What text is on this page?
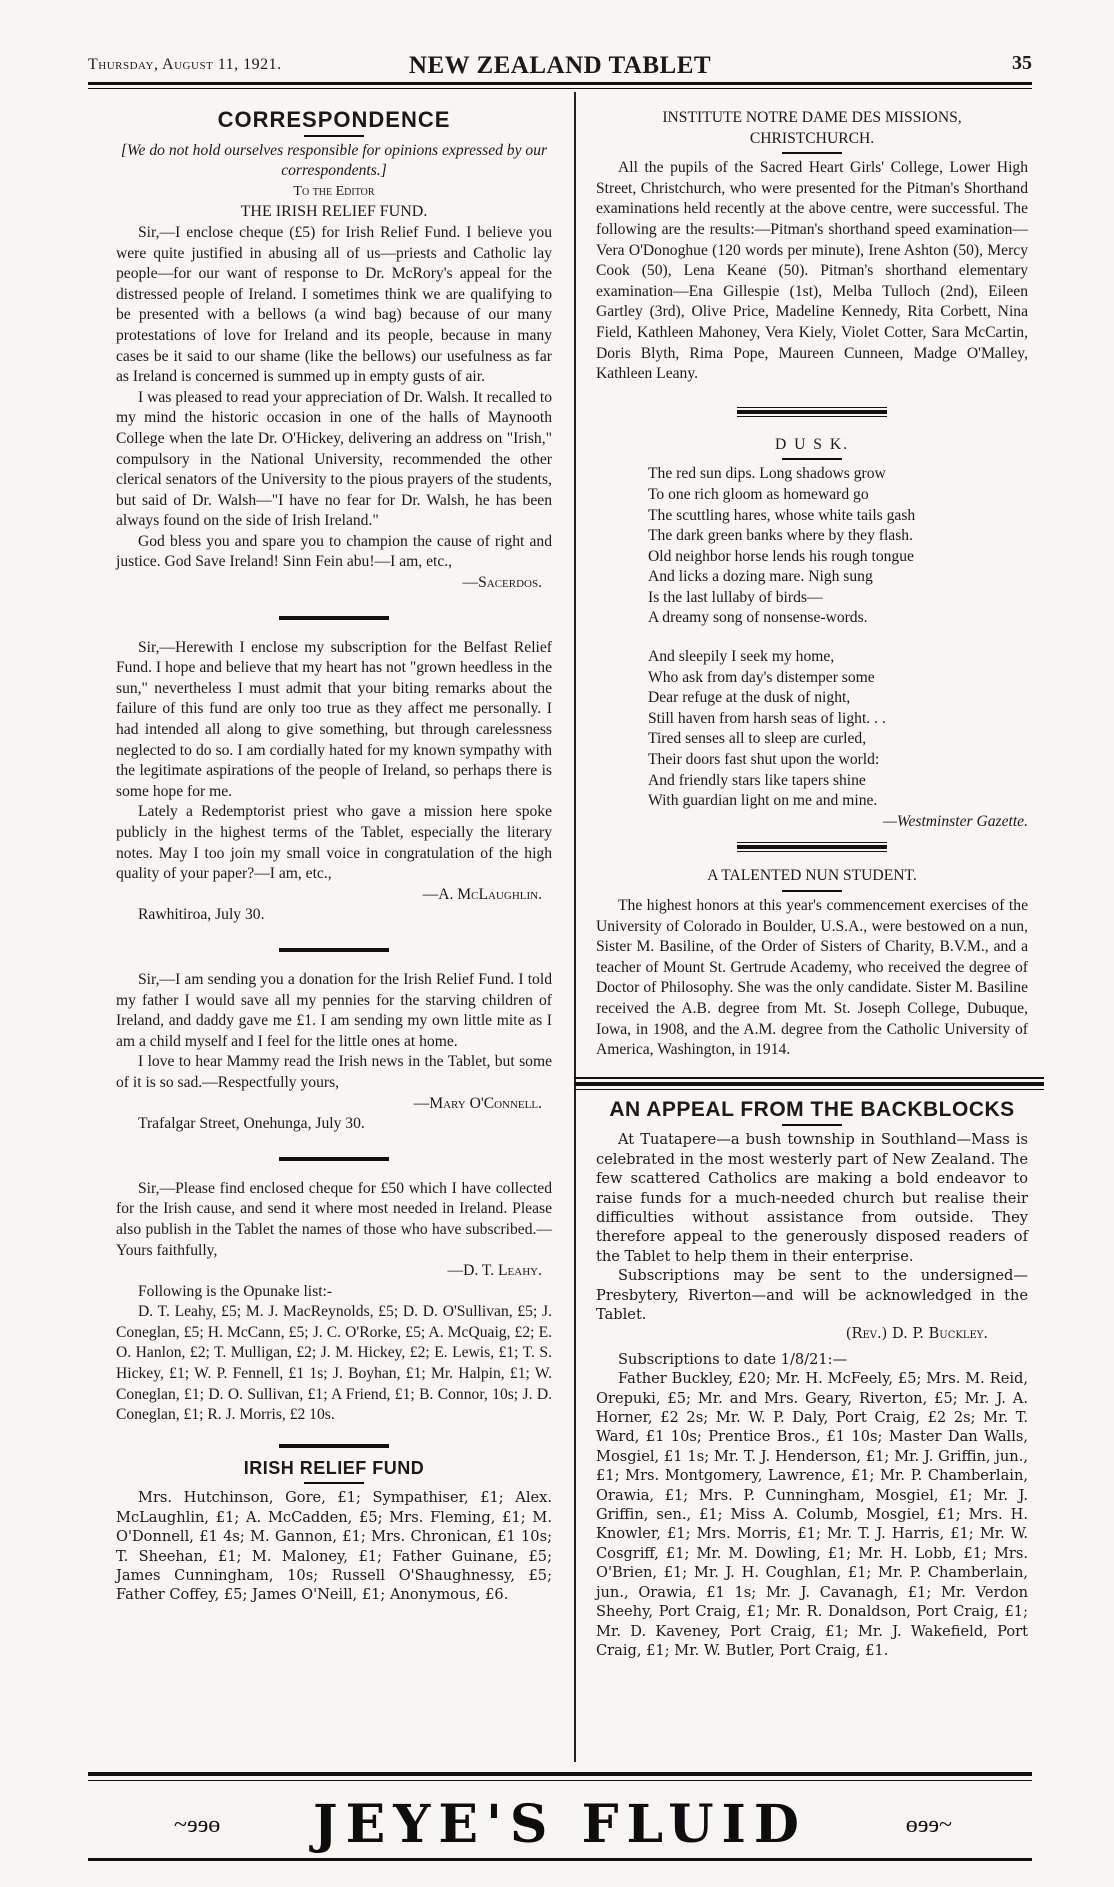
Thursday, August 11, 1921.	NEW ZEALAND TABLET	35
CORRESPONDENCE

[We do not hold ourselves responsible for opinions expressed by our correspondents.]

To the Editor

THE IRISH RELIEF FUND.

Sir,—I enclose cheque (£5) for Irish Relief Fund. I believe you were quite justified in abusing all of us—priests and Catholic lay people—for our want of response to Dr. McRory's appeal for the distressed people of Ireland. I sometimes think we are qualifying to be presented with a bellows (a wind bag) because of our many protestations of love for Ireland and its people, because in many cases be it said to our shame (like the bellows) our usefulness as far as Ireland is concerned is summed up in empty gusts of air.

I was pleased to read your appreciation of Dr. Walsh. It recalled to my mind the historic occasion in one of the halls of Maynooth College when the late Dr. O'Hickey, delivering an address on "Irish," compulsory in the National University, recommended the other clerical senators of the University to the pious prayers of the students, but said of Dr. Walsh—"I have no fear for Dr. Walsh, he has been always found on the side of Irish Ireland."

God bless you and spare you to champion the cause of right and justice. God Save Ireland! Sinn Fein abu!—I am, etc.,

—Sacerdos.

Sir,—Herewith I enclose my subscription for the Belfast Relief Fund. I hope and believe that my heart has not "grown heedless in the sun," nevertheless I must admit that your biting remarks about the failure of this fund are only too true as they affect me personally. I had intended all along to give something, but through carelessness neglected to do so. I am cordially hated for my known sympathy with the legitimate aspirations of the people of Ireland, so perhaps there is some hope for me.

Lately a Redemptorist priest who gave a mission here spoke publicly in the highest terms of the Tablet, especially the literary notes. May I too join my small voice in congratulation of the high quality of your paper?—I am, etc.,

—A. McLaughlin.

Rawhitiroa, July 30.

Sir,—I am sending you a donation for the Irish Relief Fund. I told my father I would save all my pennies for the starving children of Ireland, and daddy gave me £1. I am sending my own little mite as I am a child myself and I feel for the little ones at home.

I love to hear Mammy read the Irish news in the Tablet, but some of it is so sad.—Respectfully yours,

—Mary O'Connell.

Trafalgar Street, Onehunga, July 30.

Sir,—Please find enclosed cheque for £50 which I have collected for the Irish cause, and send it where most needed in Ireland. Please also publish in the Tablet the names of those who have subscribed.—Yours faithfully,

—D. T. Leahy.

Following is the Opunake list:-

D. T. Leahy, £5; M. J. MacReynolds, £5; D. D. O'Sullivan, £5; J. Coneglan, £5; H. McCann, £5; J. C. O'Rorke, £5; A. McQuaig, £2; E. O. Hanlon, £2; T. Mulligan, £2; J. M. Hickey, £2; E. Lewis, £1; T. S. Hickey, £1; W. P. Fennell, £1 1s; J. Boyhan, £1; Mr. Halpin, £1; W. Coneglan, £1; D. O. Sullivan, £1; A Friend, £1; B. Connor, 10s; J. D. Coneglan, £1; R. J. Morris, £2 10s.

IRISH RELIEF FUND

Mrs. Hutchinson, Gore, £1; Sympathiser, £1; Alex. McLaughlin, £1; A. McCadden, £5; Mrs. Fleming, £1; M. O'Donnell, £1 4s; M. Gannon, £1; Mrs. Chronican, £1 10s; T. Sheehan, £1; M. Maloney, £1; Father Guinane, £5; James Cunningham, 10s; Russell O'Shaughnessy, £5; Father Coffey, £5; James O'Neill, £1; Anonymous, £6.

INSTITUTE NOTRE DAME DES MISSIONS,

CHRISTCHURCH.

All the pupils of the Sacred Heart Girls' College, Lower High Street, Christchurch, who were presented for the Pitman's Shorthand examinations held recently at the above centre, were successful. The following are the results:—Pitman's shorthand speed examination—Vera O'Donoghue (120 words per minute), Irene Ashton (50), Mercy Cook (50), Lena Keane (50). Pitman's shorthand elementary examination—Ena Gillespie (1st), Melba Tulloch (2nd), Eileen Gartley (3rd), Olive Price, Madeline Kennedy, Rita Corbett, Nina Field, Kathleen Mahoney, Vera Kiely, Violet Cotter, Sara McCartin, Doris Blyth, Rima Pope, Maureen Cunneen, Madge O'Malley, Kathleen Leany.

D U S K.

The red sun dips. Long shadows grow
To one rich gloom as homeward go
The scuttling hares, whose white tails gash
The dark green banks where by they flash.
Old neighbor horse lends his rough tongue
And licks a dozing mare. Nigh sung
Is the last lullaby of birds—
A dreamy song of nonsense-words.
And sleepily I seek my home,
Who ask from day's distemper some
Dear refuge at the dusk of night,
Still haven from harsh seas of light. . .
Tired senses all to sleep are curled,
Their doors fast shut upon the world:
And friendly stars like tapers shine
With guardian light on me and mine.
—Westminster Gazette.

A TALENTED NUN STUDENT.

The highest honors at this year's commencement exercises of the University of Colorado in Boulder, U.S.A., were bestowed on a nun, Sister M. Basiline, of the Order of Sisters of Charity, B.V.M., and a teacher of Mount St. Gertrude Academy, who received the degree of Doctor of Philosophy. She was the only candidate. Sister M. Basiline received the A.B. degree from Mt. St. Joseph College, Dubuque, Iowa, in 1908, and the A.M. degree from the Catholic University of America, Washington, in 1914.

AN APPEAL FROM THE BACKBLOCKS

At Tuatapere—a bush township in Southland—Mass is celebrated in the most westerly part of New Zealand. The few scattered Catholics are making a bold endeavor to raise funds for a much-needed church but realise their difficulties without assistance from outside. They therefore appeal to the generously disposed readers of the Tablet to help them in their enterprise.

Subscriptions may be sent to the undersigned—Presbytery, Riverton—and will be acknowledged in the Tablet.

(Rev.) D. P. Buckley.

Subscriptions to date 1/8/21:—

Father Buckley, £20; Mr. H. McFeely, £5; Mrs. M. Reid, Orepuki, £5; Mr. and Mrs. Geary, Riverton, £5; Mr. J. A. Horner, £2 2s; Mr. W. P. Daly, Port Craig, £2 2s; Mr. T. Ward, £1 10s; Prentice Bros., £1 10s; Master Dan Walls, Mosgiel, £1 1s; Mr. T. J. Henderson, £1; Mr. J. Griffin, jun., £1; Mrs. Montgomery, Lawrence, £1; Mr. P. Chamberlain, Orawia, £1; Mrs. P. Cunningham, Mosgiel, £1; Mr. J. Griffin, sen., £1; Miss A. Columb, Mosgiel, £1; Mrs. H. Knowler, £1; Mrs. Morris, £1; Mr. T. J. Harris, £1; Mr. W. Cosgriff, £1; Mr. M. Dowling, £1; Mr. H. Lobb, £1; Mrs. O'Brien, £1; Mr. J. H. Coughlan, £1; Mr. P. Chamberlain, jun., Orawia, £1 1s; Mr. J. Cavanagh, £1; Mr. Verdon Sheehy, Port Craig, £1; Mr. R. Donaldson, Port Craig, £1; Mr. D. Kaveney, Port Craig, £1; Mr. J. Wakefield, Port Craig, £1; Mr. W. Butler, Port Craig, £1.

~ɘɘɵ	JEYE'S FLUID	ɵɘɘ~
